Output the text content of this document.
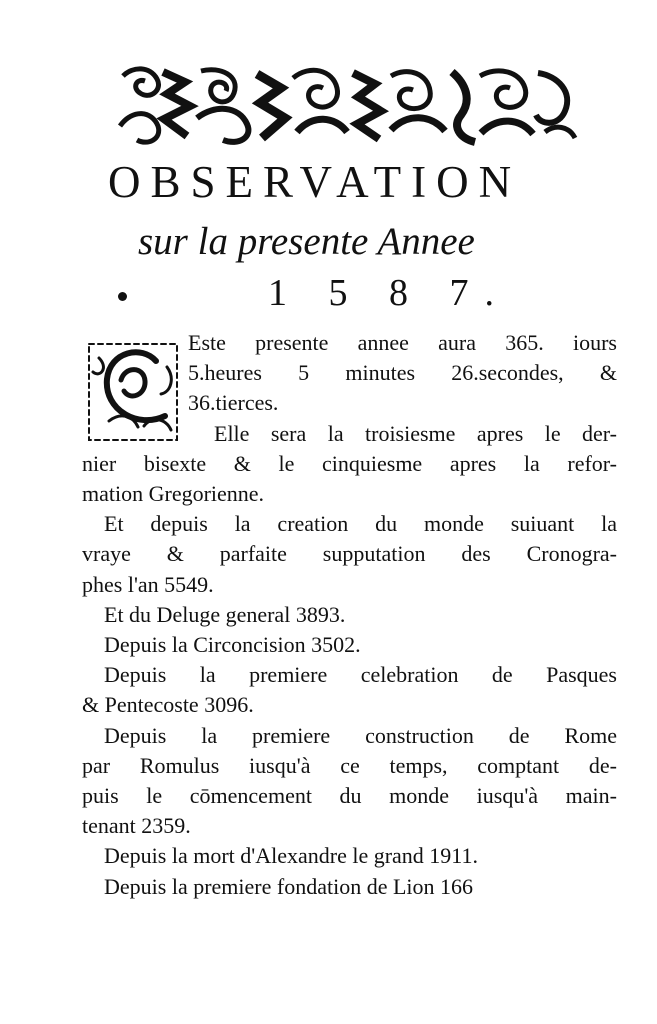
OBSERVATION
sur la presente Annee
1 5 8 7.
Este presente annee aura 365. iours
5.heures 5 minutes 26.secondes, &
36.tierces.
Elle sera la troisiesme apres le der-
nier bisexte & le cinquiesme apres la refor-
mation Gregorienne.
Et depuis la creation du monde suiuant la
vraye & parfaite supputation des Cronogra-
phes l'an 5549.
Et du Deluge general 3893.
Depuis la Circoncision 3502.
Depuis la premiere celebration de Pasques
& Pentecoste 3096.
Depuis la premiere construction de Rome
par Romulus iusqu'à ce temps, comptant de-
puis le cōmencement du monde iusqu'à main-
tenant 2359.
Depuis la mort d'Alexandre le grand 1911.
Depuis la premiere fondation de Lion 166
